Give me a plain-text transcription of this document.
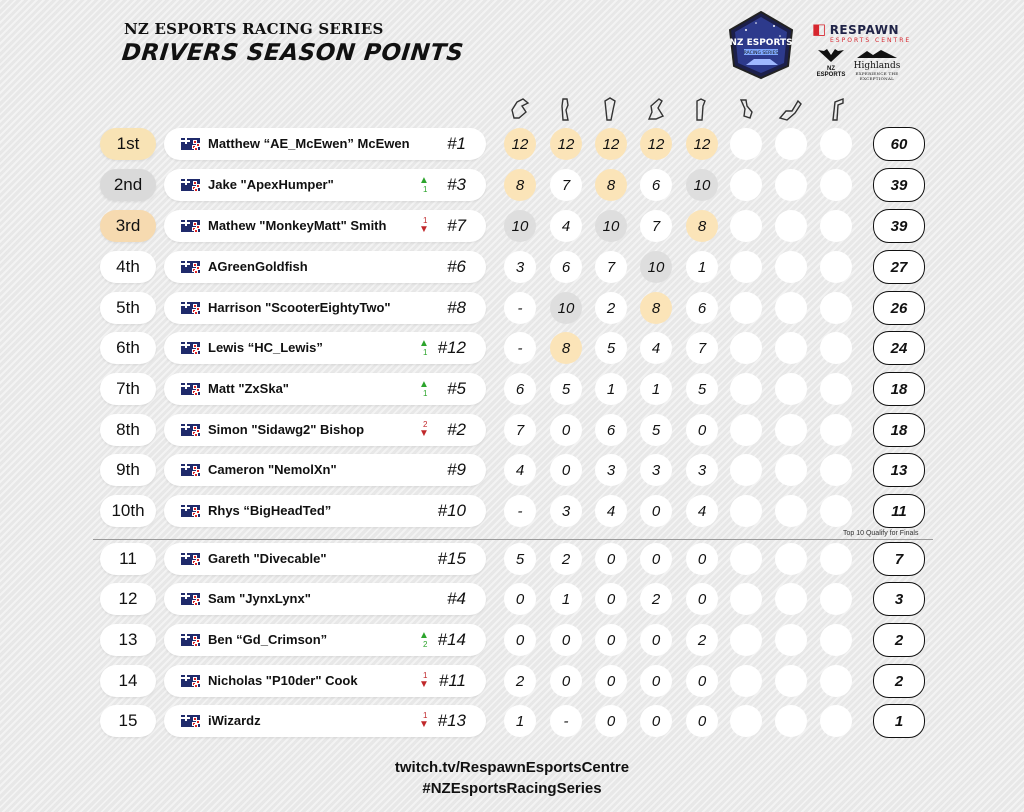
NZ ESPORTS RACING SERIES
DRIVERS SEASON POINTS	NZ ESPORTS
RACING SERIES
◧ RESPAWN
ESPORTS CENTRE
NZ ESPORTS
Highlands
EXPERIENCE THE EXCEPTIONAL
1st	Matthew “AE_McEwen” McEwen #1	12	12	12	12	12	60
2nd	Jake "ApexHumper"	▲
1 #3	8	7	8	6	10	39
3rd	Mathew "MonkeyMatt" Smith	▼
1 #7	10	4	10	7	8	39
4th	AGreenGoldfish	#6	3	6	7	10	1	27
5th	Harrison "ScooterEightyTwo"	#8	-	10	2	8	6	26
6th	Lewis “HC_Lewis”	▲
1 #12	-	8	5	4	7	24
7th	Matt "ZxSka"	▲
1 #5	6	5	1	1	5	18
8th	Simon "Sidawg2" Bishop	▼
2 #2	7	0	6	5	0	18
9th	Cameron "NemolXn"	#9	4	0	3	3	3	13
10th	Rhys “BigHeadTed”	#10	-	3	4	0	4	11
11	Gareth "Divecable"	#15	5	2	0	0	0	7
12	Sam "JynxLynx"	#4	0	1	0	2	0	3
13	Ben “Gd_Crimson”	▲
2 #14	0	0	0	0	2	2
14	Nicholas "P10der" Cook	▼
1 #11	2	0	0	0	0	2
15	iWizardz	▼
1 #13	1	-	0	0	0	1
Top 10 Qualify for Finals
twitch.tv/RespawnEsportsCentre
#NZEsportsRacingSeries
